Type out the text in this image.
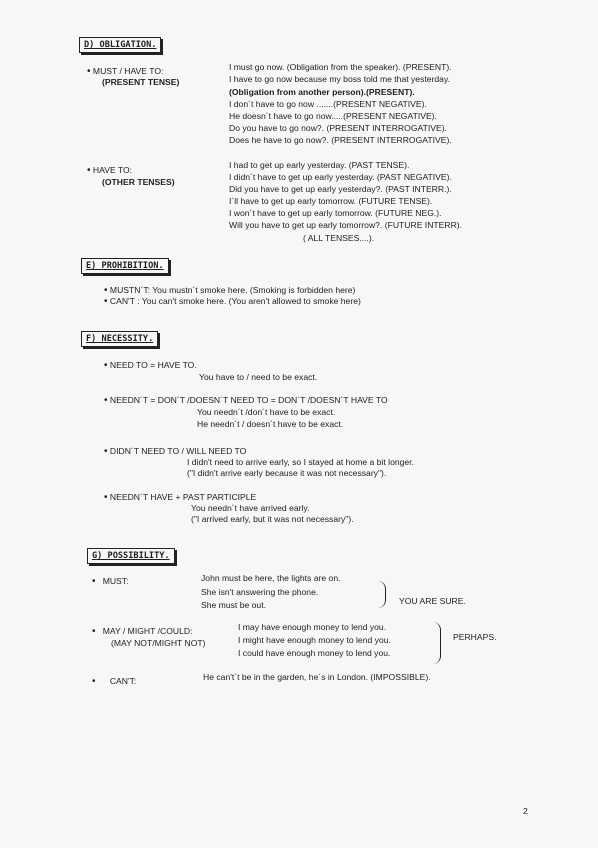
D) OBLIGATION.
• MUST / HAVE TO:
(PRESENT TENSE)
I must go now. (Obligation from the speaker). (PRESENT).
I have to go now because my boss told me that yesterday.
(Obligation from another person).(PRESENT).
I don´t have to go now .......(PRESENT NEGATIVE).
He doesn´t have to go now.....(PRESENT NEGATIVE).
Do you have to go now?. (PRESENT INTERROGATIVE).
Does he have to go now?. (PRESENT INTERROGATIVE).
• HAVE TO:
(OTHER TENSES)
I had to get up early yesterday. (PAST TENSE).
I didn´t have to get up early yesterday. (PAST NEGATIVE).
Did you have to get up early yesterday?. (PAST INTERR.).
I´ll have to get up early tomorrow. (FUTURE TENSE).
I won´t have to get up early tomorrow. (FUTURE NEG.).
Will you have to get up early tomorrow?. (FUTURE INTERR).
( ALL TENSES....).
E) PROHIBITION.
• MUSTN´T: You mustn´t smoke here. (Smoking is forbidden here)
• CAN'T : You can't smoke here. (You aren't allowed to smoke here)
F) NECESSITY.
• NEED TO = HAVE TO.
You have to / need to be exact.
• NEEDN´T = DON´T /DOESN´T NEED TO = DON´T /DOESN´T HAVE TO
You needn´t /don´t have to be exact.
He needn´t / doesn´t have to be exact.
• DIDN´T NEED TO / WILL NEED TO
I didn't need to arrive early, so I stayed at home a bit longer.
("I didn't arrive early because it was not necessary").
• NEEDN´T HAVE + PAST PARTICIPLE
You needn´t have arrived early.
("I arrived early, but it was not necessary").
G) POSSIBILITY.
• MUST:	John must be here, the lights are on.
She isn't answering the phone.
She must be out.	YOU ARE SURE.
• MAY / MIGHT /COULD:
(MAY NOT/MIGHT NOT)
I may have enough money to lend you.
I might have enough money to lend you.
I could have enough money to lend you.
PERHAPS.
• CAN'T:	He can't´t be in the garden, he´s in London. (IMPOSSIBLE).
2
